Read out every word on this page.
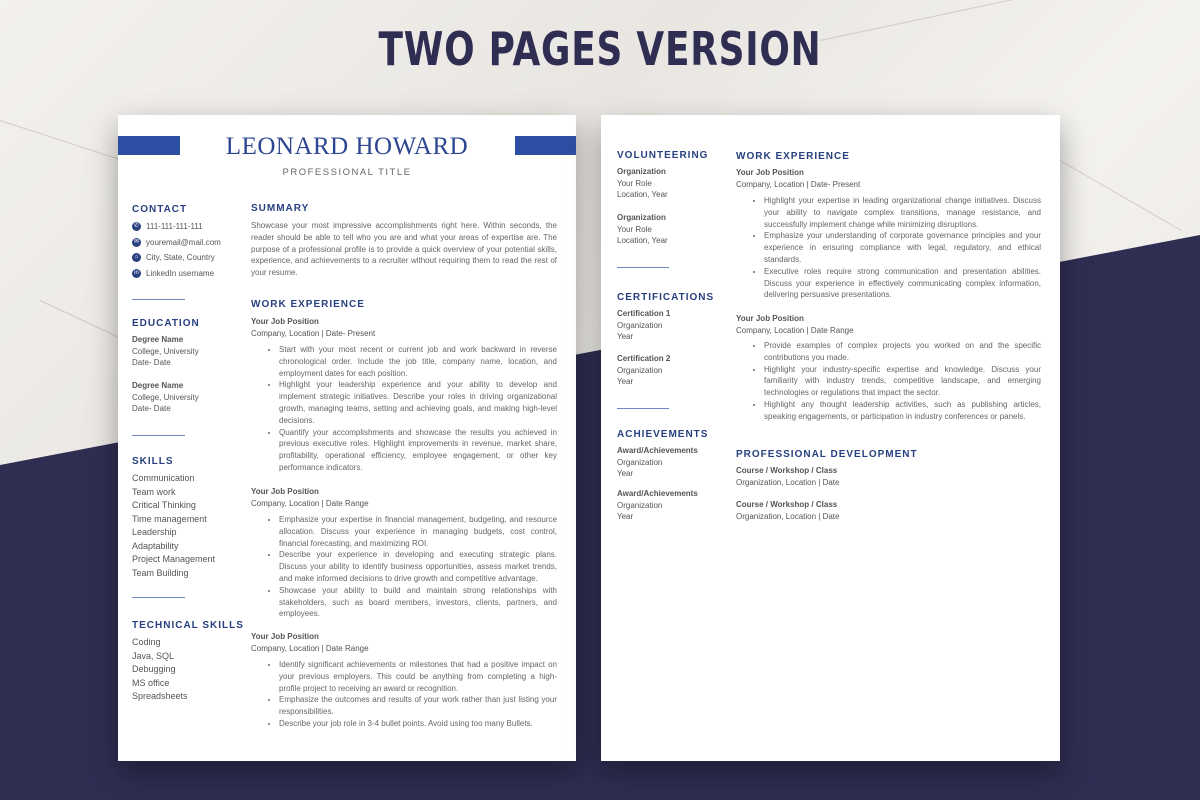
TWO PAGES VERSION
LEONARD HOWARD
PROFESSIONAL TITLE
CONTACT
✆ 111-111-111-111
✉ youremail@mail.com
⌂ City, State, Country
in LinkedIn username
EDUCATION
Degree Name
College, University
Date- Date
Degree Name
College, University
Date- Date
SKILLS
Communication
Team work
Critical Thinking
Time management
Leadership
Adaptability
Project Management
Team Building
TECHNICAL SKILLS
Coding
Java, SQL
Debugging
MS office
Spreadsheets
SUMMARY
Showcase your most impressive accomplishments right here. Within seconds, the reader should be able to tell who you are and what your areas of expertise are. The purpose of a professional profile is to provide a quick overview of your potential skills, experience, and achievements to a recruiter without requiring them to read the rest of your resume.
WORK EXPERIENCE
Your Job Position
Company, Location | Date- Present
• Start with your most recent or current job and work backward in reverse chronological order. Include the job title, company name, location, and employment dates for each position.
• Highlight your leadership experience and your ability to develop and implement strategic initiatives. Describe your roles in driving organizational growth, managing teams, setting and achieving goals, and making high-level decisions.
• Quantify your accomplishments and showcase the results you achieved in previous executive roles. Highlight improvements in revenue, market share, profitability, operational efficiency, employee engagement, or other key performance indicators.
Your Job Position
Company, Location | Date Range
• Emphasize your expertise in financial management, budgeting, and resource allocation. Discuss your experience in managing budgets, cost control, financial forecasting, and maximizing ROI.
• Describe your experience in developing and executing strategic plans. Discuss your ability to identify business opportunities, assess market trends, and make informed decisions to drive growth and competitive advantage.
• Showcase your ability to build and maintain strong relationships with stakeholders, such as board members, investors, clients, partners, and employees.
Your Job Position
Company, Location | Date Range
• Identify significant achievements or milestones that had a positive impact on your previous employers. This could be anything from completing a high-profile project to receiving an award or recognition.
• Emphasize the outcomes and results of your work rather than just listing your responsibilities.
• Describe your job role in 3-4 bullet points. Avoid using too many Bullets.
VOLUNTEERING
Organization
Your Role
Location, Year
Organization
Your Role
Location, Year
CERTIFICATIONS
Certification 1
Organization
Year
Certification 2
Organization
Year
ACHIEVEMENTS
Award/Achievements
Organization
Year
Award/Achievements
Organization
Year
WORK EXPERIENCE
Your Job Position
Company, Location | Date- Present
• Highlight your expertise in leading organizational change initiatives. Discuss your ability to navigate complex transitions, manage resistance, and successfully implement change while minimizing disruptions.
• Emphasize your understanding of corporate governance principles and your experience in ensuring compliance with legal, regulatory, and ethical standards.
• Executive roles require strong communication and presentation abilities. Discuss your experience in effectively communicating complex information, delivering persuasive presentations.
Your Job Position
Company, Location | Date Range
• Provide examples of complex projects you worked on and the specific contributions you made.
• Highlight your industry-specific expertise and knowledge. Discuss your familiarity with industry trends, competitive landscape, and emerging technologies or regulations that impact the sector.
• Highlight any thought leadership activities, such as publishing articles, speaking engagements, or participation in industry conferences or panels.
PROFESSIONAL DEVELOPMENT
Course / Workshop / Class
Organization, Location | Date
Course / Workshop / Class
Organization, Location | Date
